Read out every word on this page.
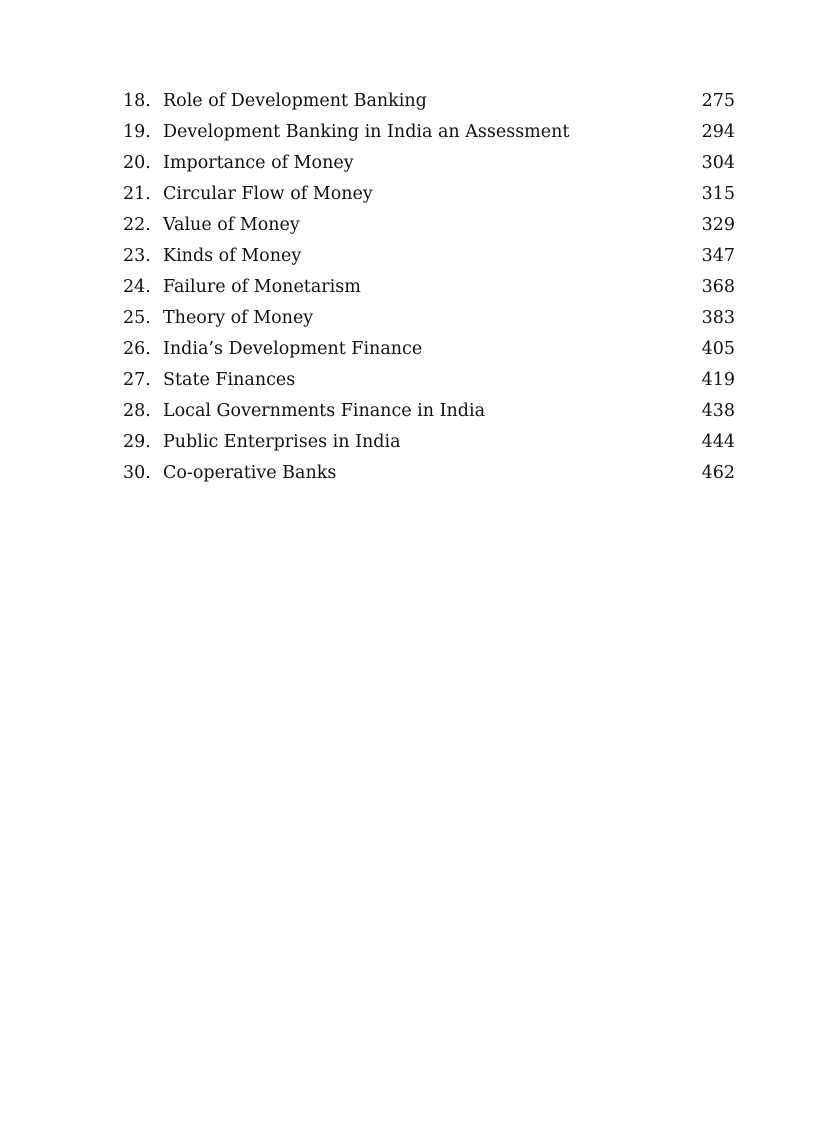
18. Role of Development Banking	275
19. Development Banking in India an Assessment	294
20. Importance of Money	304
21. Circular Flow of Money	315
22. Value of Money	329
23. Kinds of Money	347
24. Failure of Monetarism	368
25. Theory of Money	383
26. India’s Development Finance	405
27. State Finances	419
28. Local Governments Finance in India	438
29. Public Enterprises in India	444
30. Co-operative Banks	462
